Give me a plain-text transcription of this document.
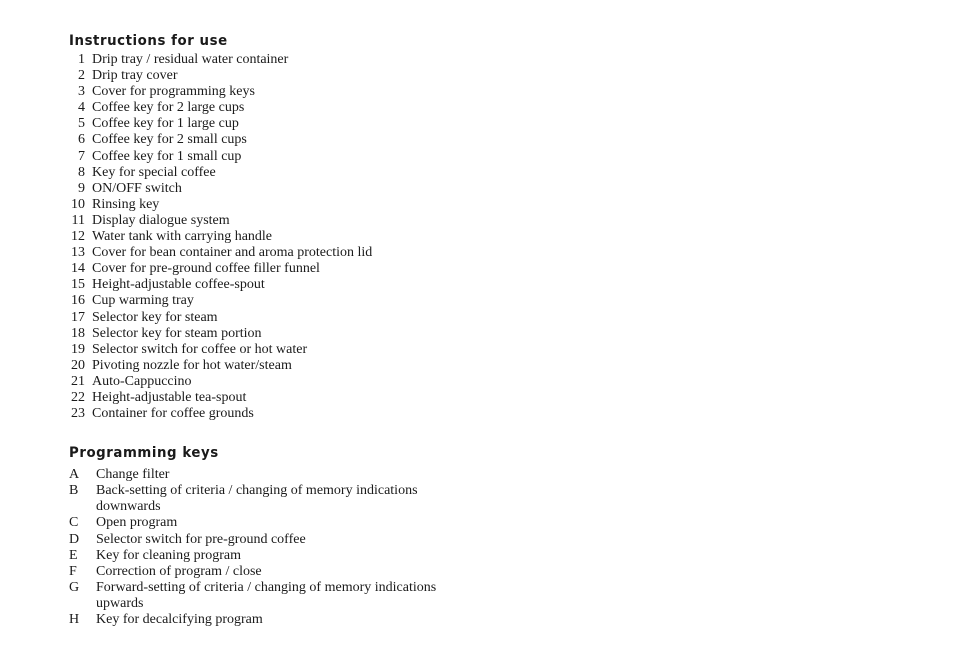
Instructions for use
1 Drip tray / residual water container
2 Drip tray cover
3 Cover for programming keys
4 Coffee key for 2 large cups
5 Coffee key for 1 large cup
6 Coffee key for 2 small cups
7 Coffee key for 1 small cup
8 Key for special coffee
9 ON/OFF switch
10 Rinsing key
11 Display dialogue system
12 Water tank with carrying handle
13 Cover for bean container and aroma protection lid
14 Cover for pre-ground coffee filler funnel
15 Height-adjustable coffee-spout
16 Cup warming tray
17 Selector key for steam
18 Selector key for steam portion
19 Selector switch for coffee or hot water
20 Pivoting nozzle for hot water/steam
21 Auto-Cappuccino
22 Height-adjustable tea-spout
23 Container for coffee grounds
Programming keys
A	Change filter
B	Back-setting of criteria / changing of memory indications downwards
C	Open program
D	Selector switch for pre-ground coffee
E	Key for cleaning program
F	Correction of program / close
G	Forward-setting of criteria / changing of memory indications upwards
H	Key for decalcifying program
